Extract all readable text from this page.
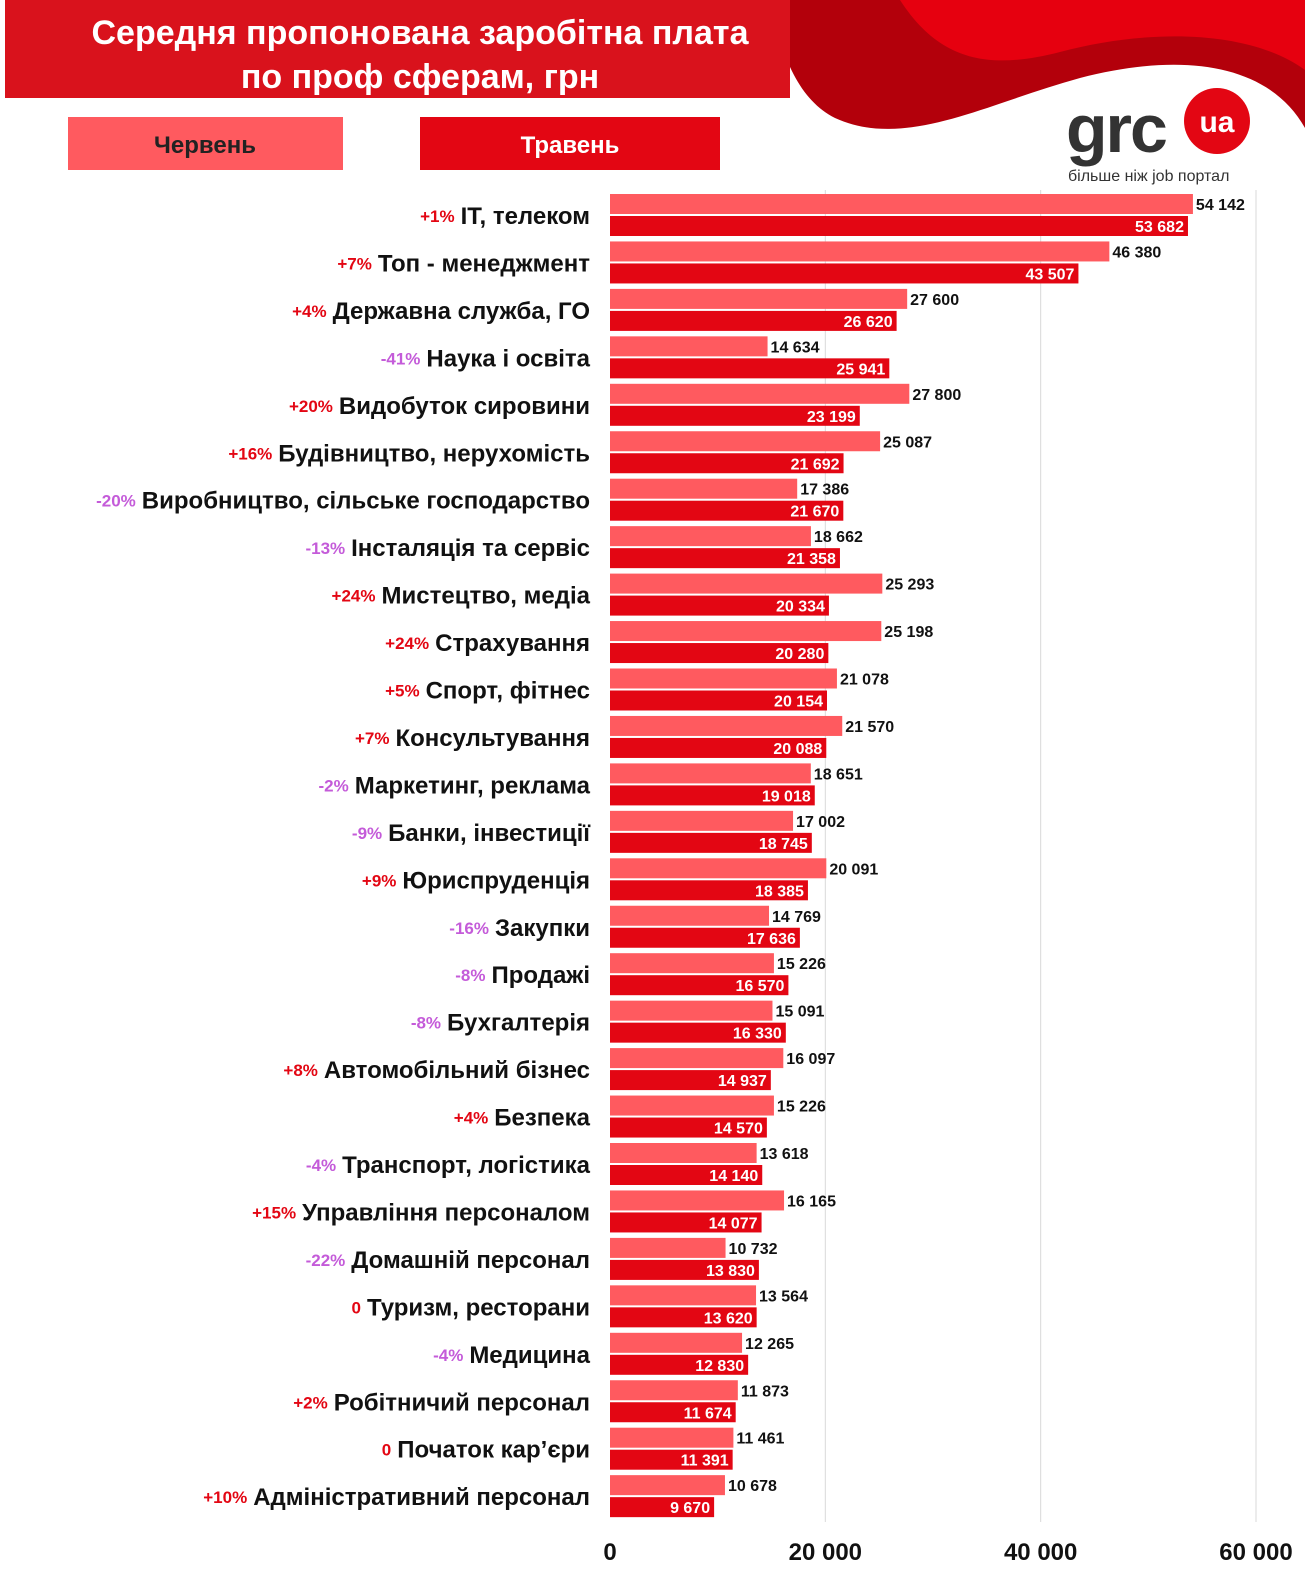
Середня пропонована заробітна плата
по проф сферам, грн
Червень	Травень	grc ua
більше ніж job портал
54 142
53 682
ІТ, телеком
+1%
46 380
43 507
Топ - менеджмент
+7%
27 600
26 620
Державна служба, ГО
+4%
14 634
25 941
Наука і освіта
-41%
27 800
23 199
Видобуток сировини
+20%
25 087
21 692
Будівництво, нерухомість
+16%
17 386
21 670
Виробництво, сільське господарство
-20%
18 662
21 358
Інсталяція та сервіс
-13%
25 293
20 334
Мистецтво, медіа
+24%
25 198
20 280
Страхування
+24%
21 078
20 154
Спорт, фітнес
+5%
21 570
20 088
Консультування
+7%
18 651
19 018
Маркетинг, реклама
-2%
17 002
18 745
Банки, інвестиції
-9%
20 091
18 385
Юриспруденція
+9%
14 769
17 636
Закупки
-16%
15 226
16 570
Продажі
-8%
15 091
16 330
Бухгалтерія
-8%
16 097
14 937
Автомобільний бізнес
+8%
15 226
14 570
Безпека
+4%
13 618
14 140
Транспорт, логістика
-4%
16 165
14 077
Управління персоналом
+15%
10 732
13 830
Домашній персонал
-22%
13 564
13 620
Туризм, ресторани
0
12 265
12 830
Медицина
-4%
11 873
11 674
Робітничий персонал
+2%
11 461
11 391
Початок кар’єри
0
10 678
9 670
Адміністративний персонал
+10%
0	20 000	40 000	60 000
